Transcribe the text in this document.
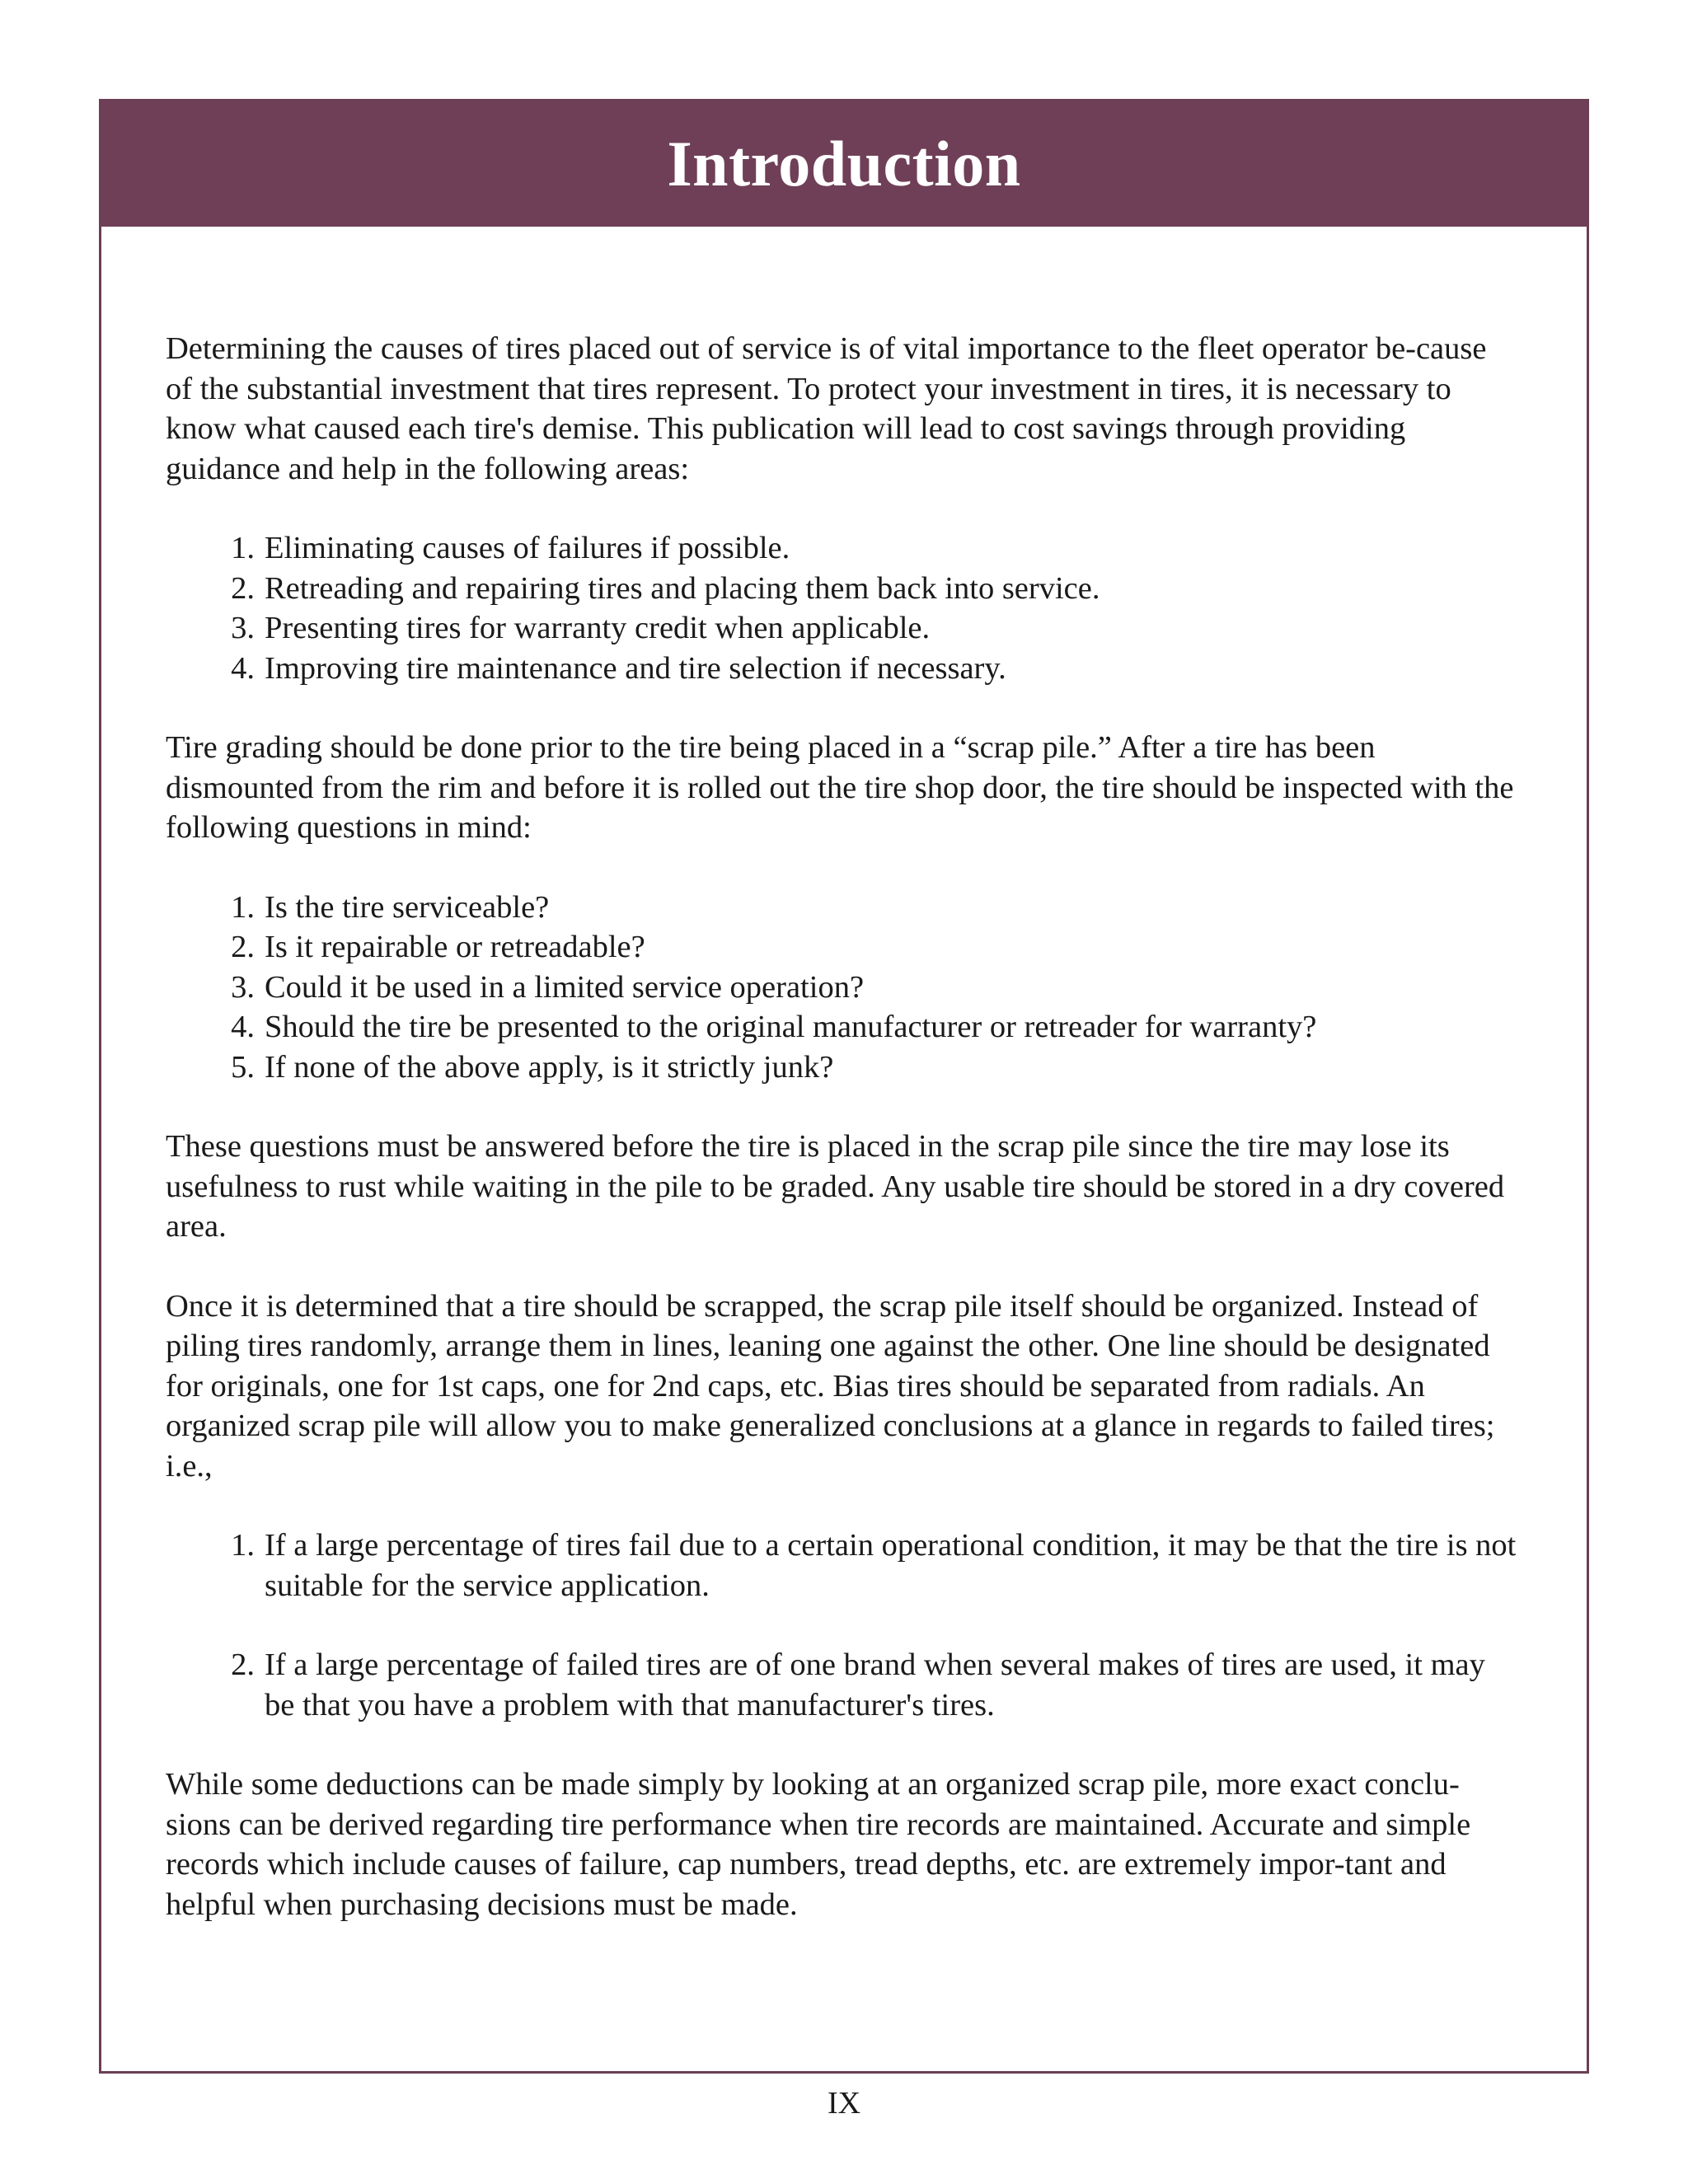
Introduction

Determining the causes of tires placed out of service is of vital importance to the fleet operator be-cause of the substantial investment that tires represent. To protect your investment in tires, it is necessary to know what caused each tire's demise. This publication will lead to cost savings through providing guidance and help in the following areas:

1. Eliminating causes of failures if possible.
2. Retreading and repairing tires and placing them back into service.
3. Presenting tires for warranty credit when applicable.
4. Improving tire maintenance and tire selection if necessary.

Tire grading should be done prior to the tire being placed in a “scrap pile.” After a tire has been dismounted from the rim and before it is rolled out the tire shop door, the tire should be inspected with the following questions in mind:

1. Is the tire serviceable?
2. Is it repairable or retreadable?
3. Could it be used in a limited service operation?
4. Should the tire be presented to the original manufacturer or retreader for warranty?
5. If none of the above apply, is it strictly junk?

These questions must be answered before the tire is placed in the scrap pile since the tire may lose its usefulness to rust while waiting in the pile to be graded. Any usable tire should be stored in a dry covered area.

Once it is determined that a tire should be scrapped, the scrap pile itself should be organized. Instead of piling tires randomly, arrange them in lines, leaning one against the other. One line should be designated for originals, one for 1st caps, one for 2nd caps, etc. Bias tires should be separated from radials. An organized scrap pile will allow you to make generalized conclusions at a glance in regards to failed tires; i.e.,

1. If a large percentage of tires fail due to a certain operational condition, it may be that the tire is not suitable for the service application.
2. If a large percentage of failed tires are of one brand when several makes of tires are used, it may be that you have a problem with that manufacturer's tires.

While some deductions can be made simply by looking at an organized scrap pile, more exact conclu-sions can be derived regarding tire performance when tire records are maintained. Accurate and simple records which include causes of failure, cap numbers, tread depths, etc. are extremely impor-tant and helpful when purchasing decisions must be made.

IX
